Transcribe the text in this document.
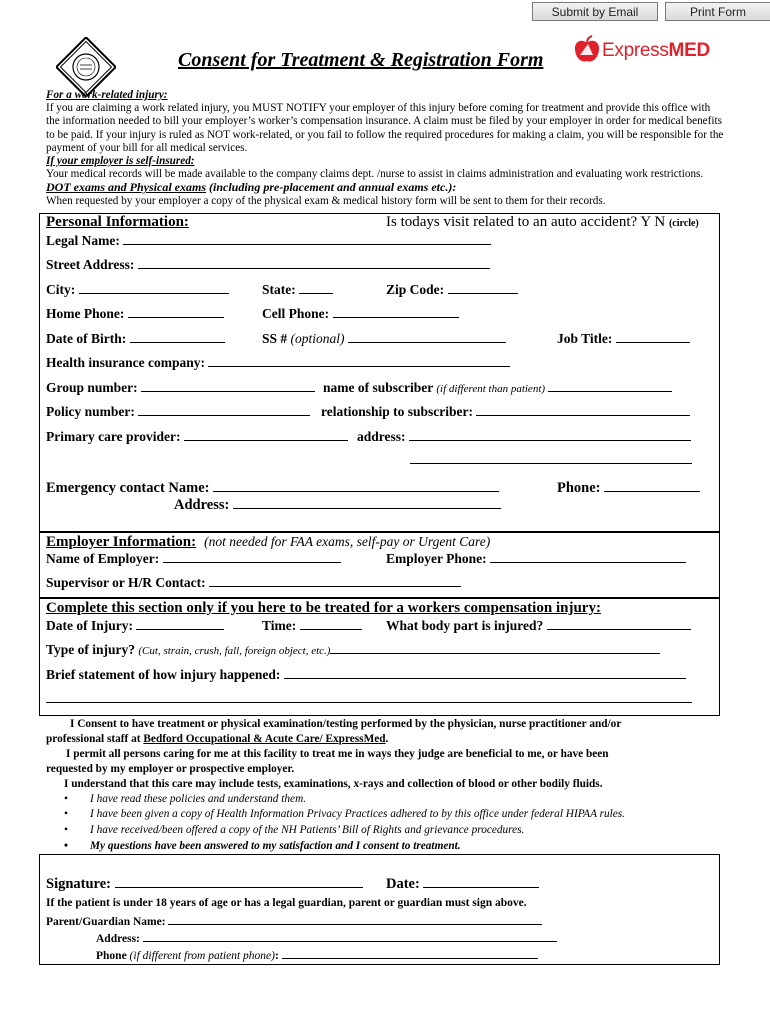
Submit by Email	Print Form
Consent for Treatment & Registration Form	ExpressMED
For a work-related injury:
If you are claiming a work related injury, you MUST NOTIFY your employer of this injury before coming for treatment and provide this office with the information needed to bill your employer’s worker’s compensation insurance. A claim must be filed by your employer in order for medical benefits to be paid. If your injury is ruled as NOT work-related, or you fail to follow the required procedures for making a claim, you will be responsible for the payment of your bill for all medical services.
If your employer is self-insured:
Your medical records will be made available to the company claims dept. /nurse to assist in claims administration and evaluating work restrictions.
DOT exams and Physical exams (including pre-placement and annual exams etc.):
When requested by your employer a copy of the physical exam & medical history form will be sent to them for their records.
Personal Information:	Is todays visit related to an auto accident? Y N (circle)
Legal Name:
Street Address:
City:	State:	Zip Code:
Home Phone:	Cell Phone:
Date of Birth:	SS # (optional)	Job Title:
Health insurance company:
Group number:	name of subscriber (if different than patient)
Policy number:	relationship to subscriber:
Primary care provider:	address:
Emergency contact Name:	Phone:
Address:
Employer Information: (not needed for FAA exams, self-pay or Urgent Care)
Name of Employer:	Employer Phone:
Supervisor or H/R Contact:
Complete this section only if you here to be treated for a workers compensation injury:
Date of Injury:	Time:	What body part is injured?
Type of injury? (Cut, strain, crush, fall, foreign object, etc.)
Brief statement of how injury happened:
I Consent to have treatment or physical examination/testing performed by the physician, nurse practitioner and/or
professional staff at Bedford Occupational & Acute Care/ ExpressMed.
I permit all persons caring for me at this facility to treat me in ways they judge are beneficial to me, or have been
requested by my employer or prospective employer.
I understand that this care may include tests, examinations, x-rays and collection of blood or other bodily fluids.
• I have read these policies and understand them.
• I have been given a copy of Health Information Privacy Practices adhered to by this office under federal HIPAA rules.
• I have received/been offered a copy of the NH Patients’ Bill of Rights and grievance procedures.
• My questions have been answered to my satisfaction and I consent to treatment.
Signature:	Date:
If the patient is under 18 years of age or has a legal guardian, parent or guardian must sign above.
Parent/Guardian Name:
Address:
Phone (if different from patient phone):
